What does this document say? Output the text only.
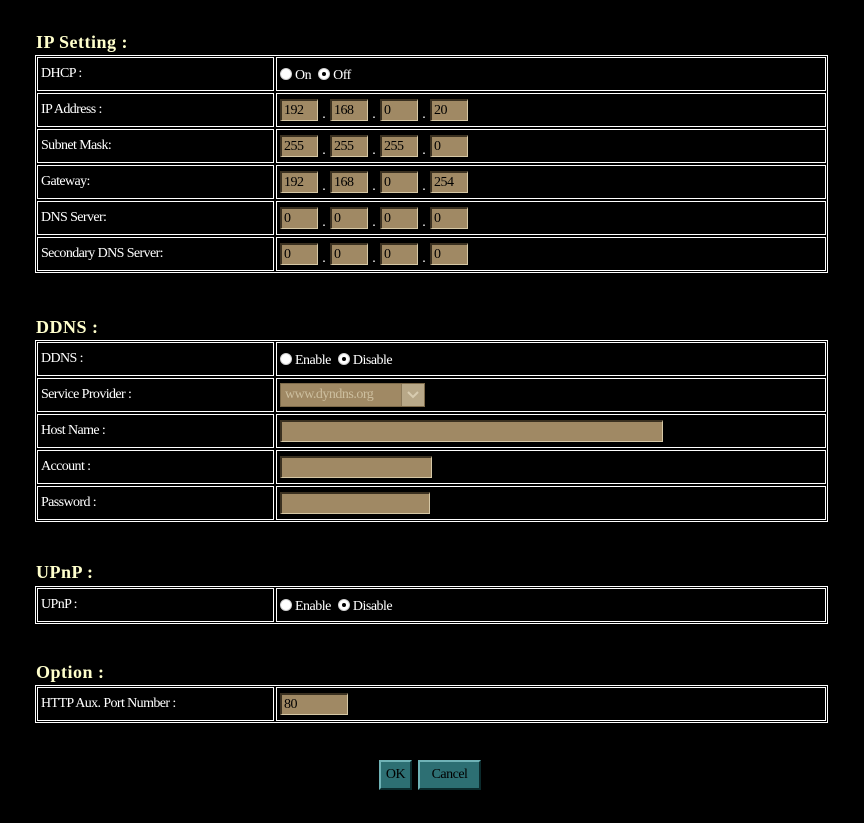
IP Setting :
DHCP :	On Off
IP Address :	192	. 168	. 0	. 20
Subnet Mask:	255	. 255	. 255	. 0
Gateway:	192	. 168	. 0	. 254
DNS Server:	0	. 0	. 0	. 0
Secondary DNS Server:	0	. 0	. 0	. 0
DDNS :
DDNS :	Enable Disable
Service Provider :	www.dyndns.org
Host Name :
Account :
Password :
UPnP :
UPnP :	Enable Disable
Option :
HTTP Aux. Port Number :	80
OK	Cancel
